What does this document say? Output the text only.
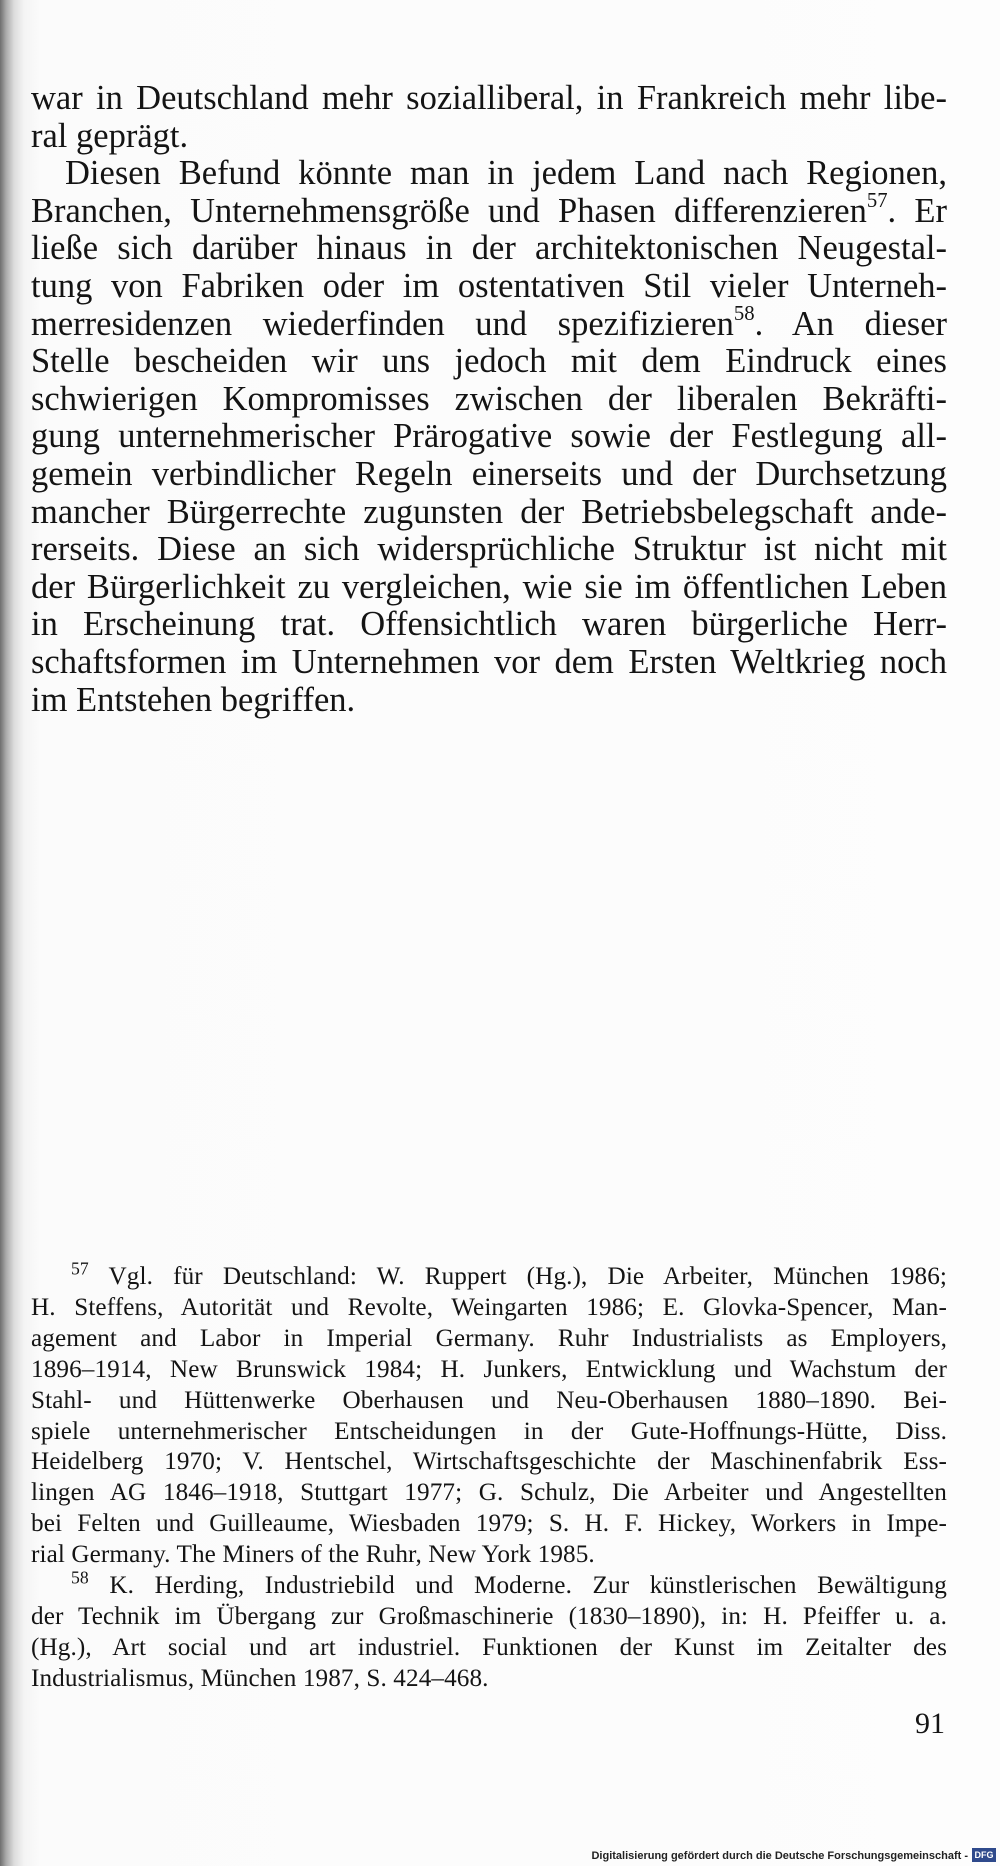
war in Deutschland mehr sozialliberal, in Frankreich mehr libe-
ral geprägt.
Diesen Befund könnte man in jedem Land nach Regionen,
Branchen, Unternehmensgröße und Phasen differenzieren$^{57}$. Er
ließe sich darüber hinaus in der architektonischen Neugestal-
tung von Fabriken oder im ostentativen Stil vieler Unterneh-
merresidenzen wiederfinden und spezifizieren$^{58}$. An dieser
Stelle bescheiden wir uns jedoch mit dem Eindruck eines
schwierigen Kompromisses zwischen der liberalen Bekräfti-
gung unternehmerischer Prärogative sowie der Festlegung all-
gemein verbindlicher Regeln einerseits und der Durchsetzung
mancher Bürgerrechte zugunsten der Betriebsbelegschaft ande-
rerseits. Diese an sich widersprüchliche Struktur ist nicht mit
der Bürgerlichkeit zu vergleichen, wie sie im öffentlichen Leben
in Erscheinung trat. Offensichtlich waren bürgerliche Herr-
schaftsformen im Unternehmen vor dem Ersten Weltkrieg noch
im Entstehen begriffen.
$^{57}$ Vgl. für Deutschland: W. Ruppert (Hg.), Die Arbeiter, München 1986;
H. Steffens, Autorität und Revolte, Weingarten 1986; E. Glovka-Spencer, Man-
agement and Labor in Imperial Germany. Ruhr Industrialists as Employers,
1896–1914, New Brunswick 1984; H. Junkers, Entwicklung und Wachstum der
Stahl- und Hüttenwerke Oberhausen und Neu-Oberhausen 1880–1890. Bei-
spiele unternehmerischer Entscheidungen in der Gute-Hoffnungs-Hütte, Diss.
Heidelberg 1970; V. Hentschel, Wirtschaftsgeschichte der Maschinenfabrik Ess-
lingen AG 1846–1918, Stuttgart 1977; G. Schulz, Die Arbeiter und Angestellten
bei Felten und Guilleaume, Wiesbaden 1979; S. H. F. Hickey, Workers in Impe-
rial Germany. The Miners of the Ruhr, New York 1985.
$^{58}$ K. Herding, Industriebild und Moderne. Zur künstlerischen Bewältigung
der Technik im Übergang zur Großmaschinerie (1830–1890), in: H. Pfeiffer u. a.
(Hg.), Art social und art industriel. Funktionen der Kunst im Zeitalter des
Industrialismus, München 1987, S. 424–468.
91
Digitalisierung gefördert durch die Deutsche Forschungsgemeinschaft - DFG
